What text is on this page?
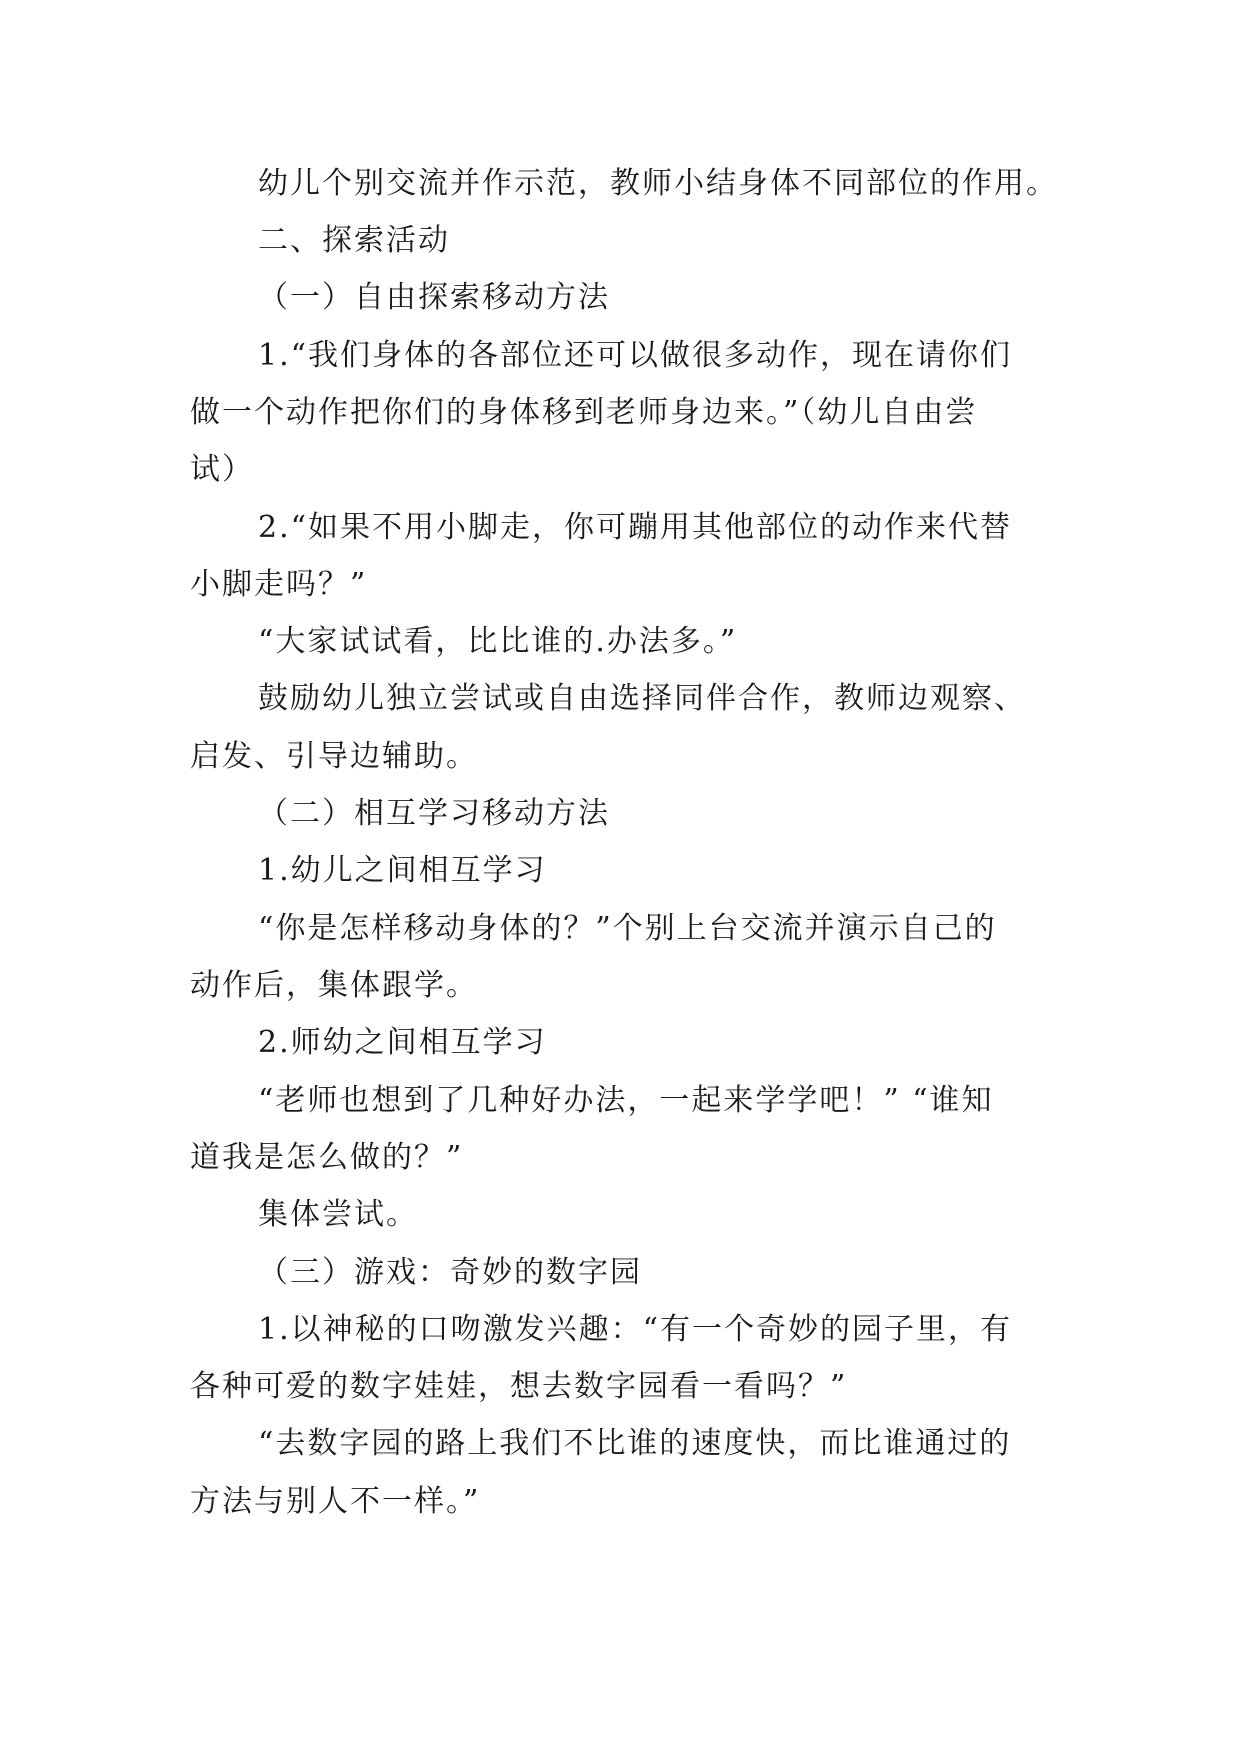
幼儿个别交流并作示范，教师小结身体不同部位的作用。
二、探索活动
（一）自由探索移动方法
1.“我们身体的各部位还可以做很多动作，现在请你们
做一个动作把你们的身体移到老师身边来。”（幼儿自由尝
试）
2.“如果不用小脚走，你可蹦用其他部位的动作来代替
小脚走吗？”
“大家试试看，比比谁的.办法多。”
鼓励幼儿独立尝试或自由选择同伴合作，教师边观察、
启发、引导边辅助。
（二）相互学习移动方法
1.幼儿之间相互学习
“你是怎样移动身体的？”个别上台交流并演示自己的
动作后，集体跟学。
2.师幼之间相互学习
“老师也想到了几种好办法，一起来学学吧！” “谁知
道我是怎么做的？”
集体尝试。
（三）游戏：奇妙的数字园
1.以神秘的口吻激发兴趣：“有一个奇妙的园子里，有
各种可爱的数字娃娃，想去数字园看一看吗？”
“去数字园的路上我们不比谁的速度快，而比谁通过的
方法与别人不一样。”
